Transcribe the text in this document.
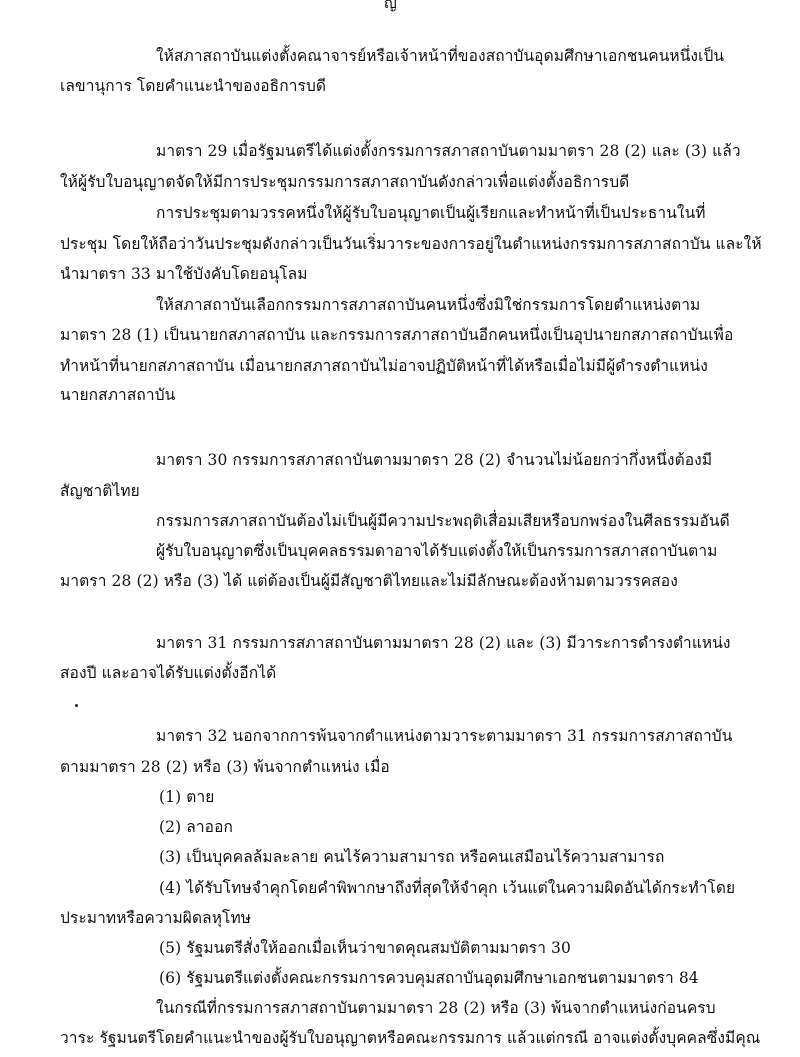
ญ
ให้สภาสถาบันแต่งตั้งคณาจารย์หรือเจ้าหน้าที่ของสถาบันอุดมศึกษาเอกชนคนหนึ่งเป็น
เลขานุการ โดยคำแนะนำของอธิการบดี
มาตรา 29 เมื่อรัฐมนตรีได้แต่งตั้งกรรมการสภาสถาบันตามมาตรา 28 (2) และ (3) แล้ว
ให้ผู้รับใบอนุญาตจัดให้มีการประชุมกรรมการสภาสถาบันดังกล่าวเพื่อแต่งตั้งอธิการบดี
การประชุมตามวรรคหนึ่งให้ผู้รับใบอนุญาตเป็นผู้เรียกและทำหน้าที่เป็นประธานในที่
ประชุม โดยให้ถือว่าวันประชุมดังกล่าวเป็นวันเริ่มวาระของการอยู่ในตำแหน่งกรรมการสภาสถาบัน และให้
นำมาตรา 33 มาใช้บังคับโดยอนุโลม
ให้สภาสถาบันเลือกกรรมการสภาสถาบันคนหนึ่งซึ่งมิใช่กรรมการโดยตำแหน่งตาม
มาตรา 28 (1) เป็นนายกสภาสถาบัน และกรรมการสภาสถาบันอีกคนหนึ่งเป็นอุปนายกสภาสถาบันเพื่อ
ทำหน้าที่นายกสภาสถาบัน เมื่อนายกสภาสถาบันไม่อาจปฏิบัติหน้าที่ได้หรือเมื่อไม่มีผู้ดำรงตำแหน่ง
นายกสภาสถาบัน
มาตรา 30 กรรมการสภาสถาบันตามมาตรา 28 (2) จำนวนไม่น้อยกว่ากึ่งหนึ่งต้องมี
สัญชาติไทย
กรรมการสภาสถาบันต้องไม่เป็นผู้มีความประพฤติเสื่อมเสียหรือบกพร่องในศีลธรรมอันดี
ผู้รับใบอนุญาตซึ่งเป็นบุคคลธรรมดาอาจได้รับแต่งตั้งให้เป็นกรรมการสภาสถาบันตาม
มาตรา 28 (2) หรือ (3) ได้ แต่ต้องเป็นผู้มีสัญชาติไทยและไม่มีลักษณะต้องห้ามตามวรรคสอง
มาตรา 31 กรรมการสภาสถาบันตามมาตรา 28 (2) และ (3) มีวาระการดำรงตำแหน่ง
สองปี และอาจได้รับแต่งตั้งอีกได้
มาตรา 32 นอกจากการพ้นจากตำแหน่งตามวาระตามมาตรา 31 กรรมการสภาสถาบัน
ตามมาตรา 28 (2) หรือ (3) พ้นจากตำแหน่ง เมื่อ
(1) ตาย
(2) ลาออก
(3) เป็นบุคคลล้มละลาย คนไร้ความสามารถ หรือคนเสมือนไร้ความสามารถ
(4) ได้รับโทษจำคุกโดยคำพิพากษาถึงที่สุดให้จำคุก เว้นแต่ในความผิดอันได้กระทำโดย
ประมาทหรือความผิดลหุโทษ
(5) รัฐมนตรีสั่งให้ออกเมื่อเห็นว่าขาดคุณสมบัติตามมาตรา 30
(6) รัฐมนตรีแต่งตั้งคณะกรรมการควบคุมสถาบันอุดมศึกษาเอกชนตามมาตรา 84
ในกรณีที่กรรมการสภาสถาบันตามมาตรา 28 (2) หรือ (3) พ้นจากตำแหน่งก่อนครบ
วาระ รัฐมนตรีโดยคำแนะนำของผู้รับใบอนุญาตหรือคณะกรรมการ แล้วแต่กรณี อาจแต่งตั้งบุคคลซึ่งมีคุณ
